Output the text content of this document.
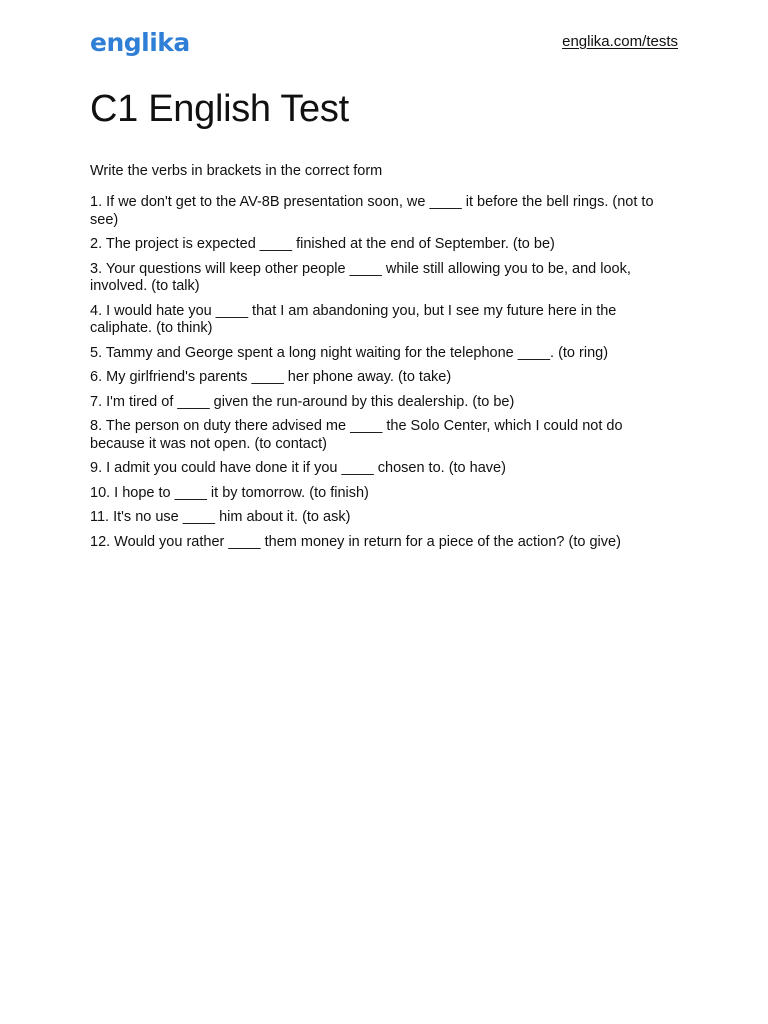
englika	englika.com/tests
C1 English Test
Write the verbs in brackets in the correct form
1. If we don't get to the AV-8B presentation soon, we ____ it before the bell rings. (not to see)
2. The project is expected ____ finished at the end of September. (to be)
3. Your questions will keep other people ____ while still allowing you to be, and look, involved. (to talk)
4. I would hate you ____ that I am abandoning you, but I see my future here in the caliphate. (to think)
5. Tammy and George spent a long night waiting for the telephone ____. (to ring)
6. My girlfriend's parents ____ her phone away. (to take)
7. I'm tired of ____ given the run-around by this dealership. (to be)
8. The person on duty there advised me ____ the Solo Center, which I could not do because it was not open. (to contact)
9. I admit you could have done it if you ____ chosen to. (to have)
10. I hope to ____ it by tomorrow. (to finish)
11. It's no use ____ him about it. (to ask)
12. Would you rather ____ them money in return for a piece of the action? (to give)
